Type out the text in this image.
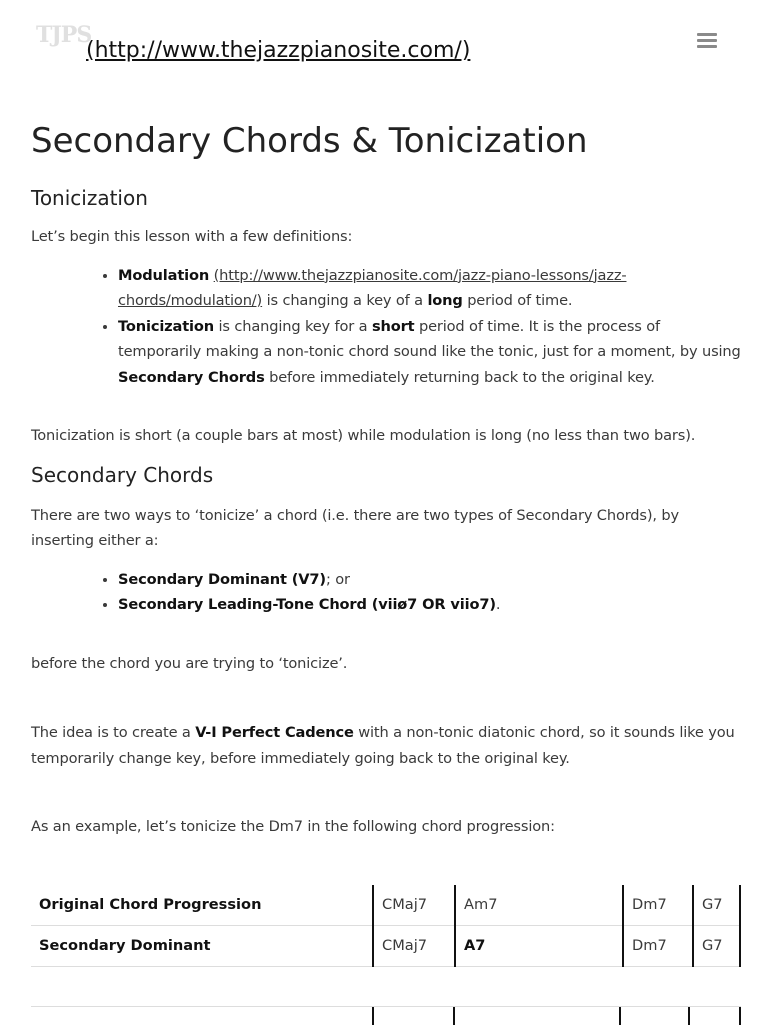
TJPS
(http://www.thejazzpianosite.com/)
Secondary Chords & Tonicization
Tonicization

Let’s begin this lesson with a few definitions:

• Modulation (http://www.thejazzpianosite.com/jazz-piano-lessons/jazz-chords/modulation/) is changing a key of a long period of time.
• Tonicization is changing key for a short period of time. It is the process of temporarily making a non-tonic chord sound like the tonic, just for a moment, by using Secondary Chords before immediately returning back to the original key.

Tonicization is short (a couple bars at most) while modulation is long (no less than two bars).

Secondary Chords

There are two ways to ‘tonicize’ a chord (i.e. there are two types of Secondary Chords), by inserting either a:

• Secondary Dominant (V7); or
• Secondary Leading-Tone Chord (viiø7 OR viio7).

before the chord you are trying to ‘tonicize’.

The idea is to create a V-I Perfect Cadence with a non-tonic diatonic chord, so it sounds like you temporarily change key, before immediately going back to the original key.

As an example, let’s tonicize the Dm7 in the following chord progression:

Original Chord Progression	CMaj7	Am7	Dm7	G7
Secondary Dominant	CMaj7	A7	Dm7	G7
